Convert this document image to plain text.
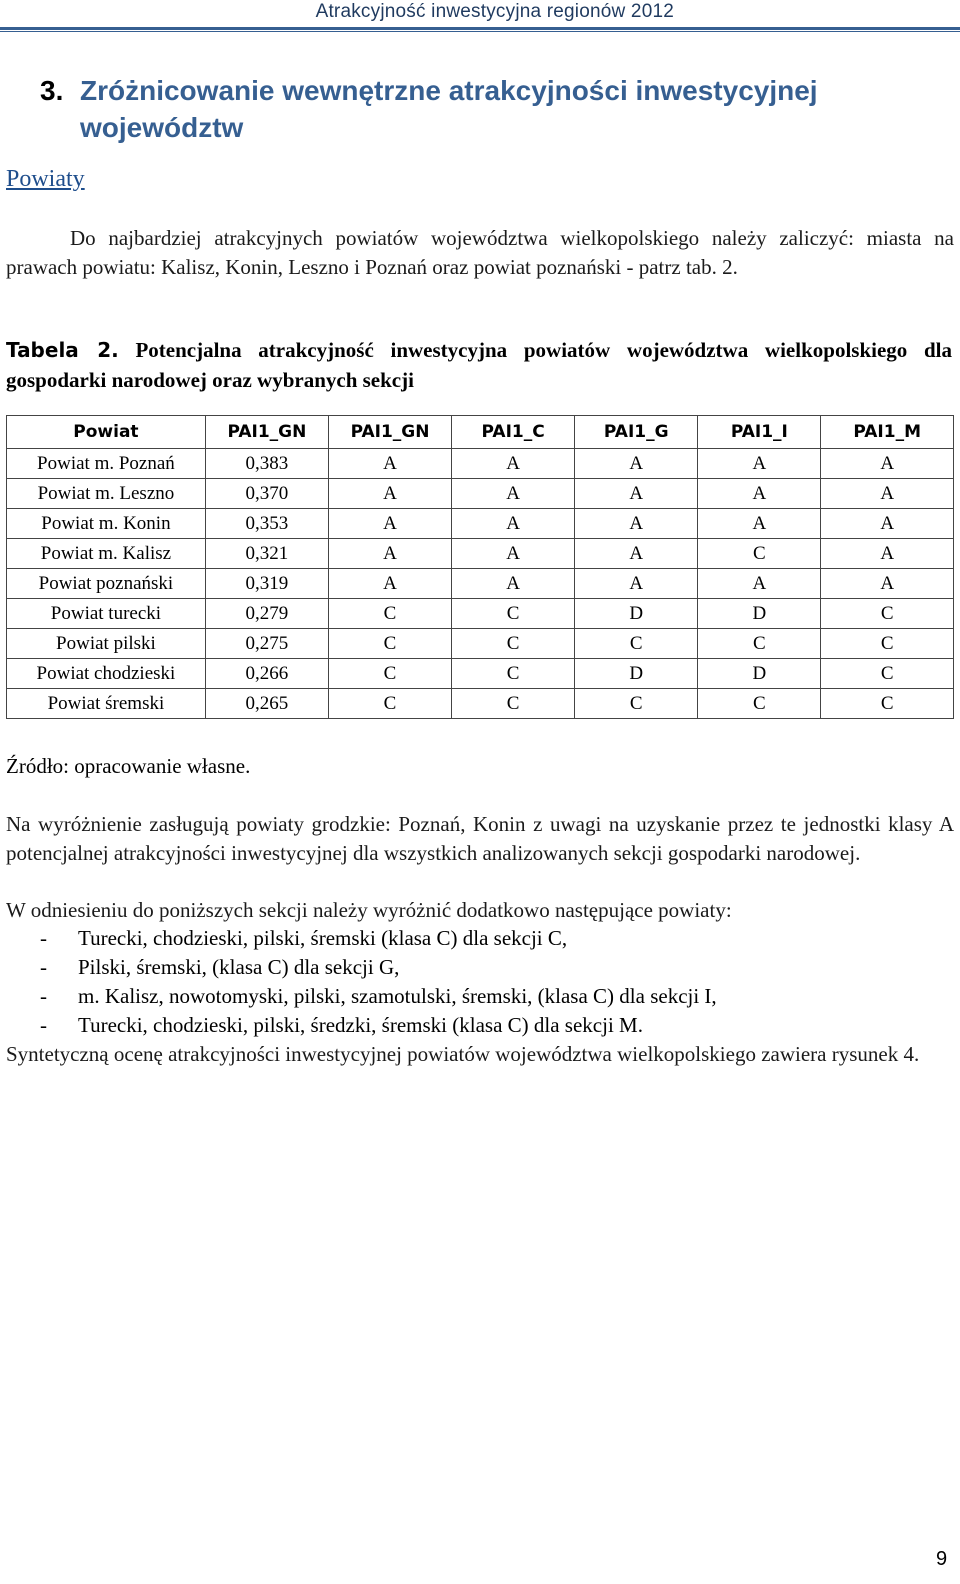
Atrakcyjność inwestycyjna regionów 2012
3. Zróżnicowanie wewnętrzne atrakcyjności inwestycyjnej województw
Powiaty
Do najbardziej atrakcyjnych powiatów województwa wielkopolskiego należy zaliczyć: miasta na prawach powiatu: Kalisz, Konin, Leszno i Poznań oraz powiat poznański - patrz tab. 2.
Tabela 2. Potencjalna atrakcyjność inwestycyjna powiatów województwa wielkopolskiego dla gospodarki narodowej oraz wybranych sekcji
Powiat	PAI1_GN	PAI1_GN	PAI1_C	PAI1_G	PAI1_I	PAI1_M
Powiat m. Poznań	0,383	A	A	A	A	A
Powiat m. Leszno	0,370	A	A	A	A	A
Powiat m. Konin	0,353	A	A	A	A	A
Powiat m. Kalisz	0,321	A	A	A	C	A
Powiat poznański	0,319	A	A	A	A	A
Powiat turecki	0,279	C	C	D	D	C
Powiat pilski	0,275	C	C	C	C	C
Powiat chodzieski	0,266	C	C	D	D	C
Powiat śremski	0,265	C	C	C	C	C
Źródło: opracowanie własne.
Na wyróżnienie zasługują powiaty grodzkie: Poznań, Konin z uwagi na uzyskanie przez te jednostki klasy A potencjalnej atrakcyjności inwestycyjnej dla wszystkich analizowanych sekcji gospodarki narodowej.
W odniesieniu do poniższych sekcji należy wyróżnić dodatkowo następujące powiaty:
- Turecki, chodzieski, pilski, śremski (klasa C) dla sekcji C,
- Pilski, śremski, (klasa C) dla sekcji G,
- m. Kalisz, nowotomyski, pilski, szamotulski, śremski, (klasa C) dla sekcji I,
- Turecki, chodzieski, pilski, średzki, śremski (klasa C) dla sekcji M.
Syntetyczną ocenę atrakcyjności inwestycyjnej powiatów województwa wielkopolskiego zawiera rysunek 4.
9
